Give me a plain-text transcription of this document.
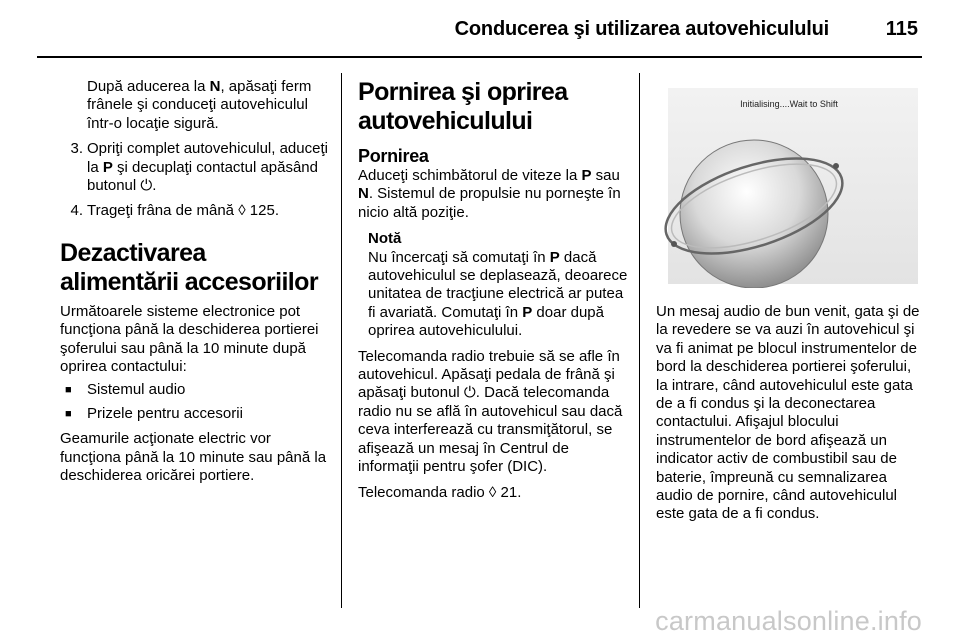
Conducerea şi utilizarea autovehiculului	115

După aducerea la N, apăsaţi ferm frânele şi conduceţi autovehiculul într-o locaţie sigură.

3. Opriţi complet autovehiculul, aduceţi la P şi decuplaţi contactul apăsând butonul ⏻.
4. Trageţi frâna de mână ◊ 125.
Dezactivarea alimentării accesoriilor

Următoarele sisteme electronice pot funcţiona până la deschiderea portierei şoferului sau până la 10 minute după oprirea contactului:

■	Sistemul audio
■	Prizele pentru accesorii

Geamurile acţionate electric vor funcţiona până la 10 minute sau până la deschiderea oricărei portiere.

Pornirea şi oprirea autovehiculului
Pornirea

Aduceţi schimbătorul de viteze la P sau N. Sistemul de propulsie nu porneşte în nicio altă poziţie.

Notă

Nu încercaţi să comutaţi în P dacă autovehiculul se deplasează, deoarece unitatea de tracţiune electrică ar putea fi avariată. Comutaţi în P doar după oprirea autovehiculului.

Telecomanda radio trebuie să se afle în autovehicul. Apăsaţi pedala de frână şi apăsaţi butonul ⏻. Dacă telecomanda radio nu se află în autovehicul sau dacă ceva interferează cu transmiţătorul, se afişează un mesaj în Centrul de informaţii pentru şofer (DIC).

Telecomanda radio ◊ 21.

Initialising....Wait to Shift

Un mesaj audio de bun venit, gata şi de la revedere se va auzi în autovehicul şi va fi animat pe blocul instrumentelor de bord la deschiderea portierei şoferului, la intrare, când autovehiculul este gata de a fi condus şi la deconectarea contactului. Afişajul blocului instrumentelor de bord afişează un indicator activ de combustibil sau de baterie, împreună cu semnalizarea audio de pornire, când autovehiculul este gata de a fi condus.

carmanualsonline.info
